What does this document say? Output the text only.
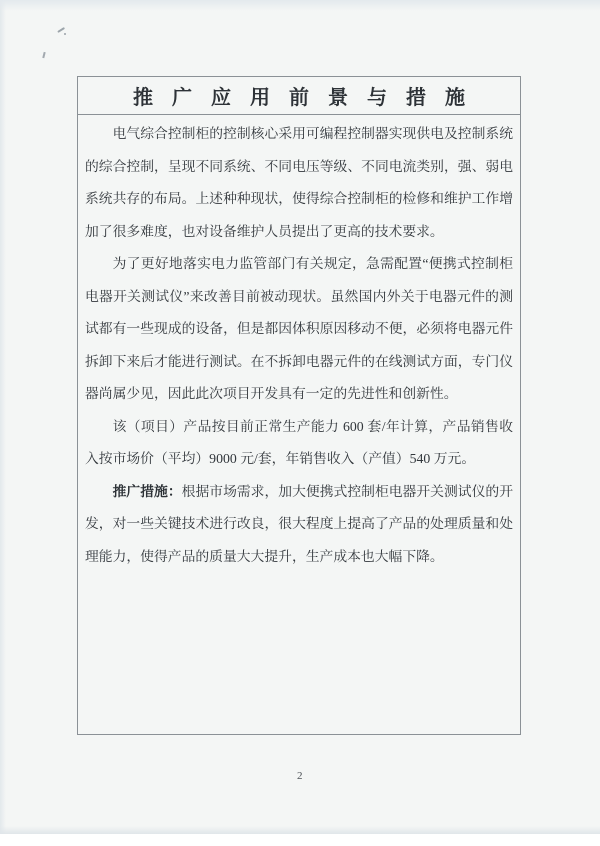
推 广 应 用 前 景 与 措 施

电气综合控制柜的控制核心采用可编程控制器实现供电及控制系统的综合控制，呈现不同系统、不同电压等级、不同电流类别，强、弱电系统共存的布局。上述种种现状，使得综合控制柜的检修和维护工作增加了很多难度，也对设备维护人员提出了更高的技术要求。

为了更好地落实电力监管部门有关规定，急需配置“便携式控制柜电器开关测试仪”来改善目前被动现状。虽然国内外关于电器元件的测试都有一些现成的设备，但是都因体积原因移动不便，必须将电器元件拆卸下来后才能进行测试。在不拆卸电器元件的在线测试方面，专门仪器尚属少见，因此此次项目开发具有一定的先进性和创新性。

该（项目）产品按目前正常生产能力 600 套/年计算，产品销售收入按市场价（平均）9000 元/套，年销售收入（产值）540 万元。

推广措施：根据市场需求，加大便携式控制柜电器开关测试仪的开发，对一些关键技术进行改良，很大程度上提高了产品的处理质量和处理能力，使得产品的质量大大提升，生产成本也大幅下降。

2
